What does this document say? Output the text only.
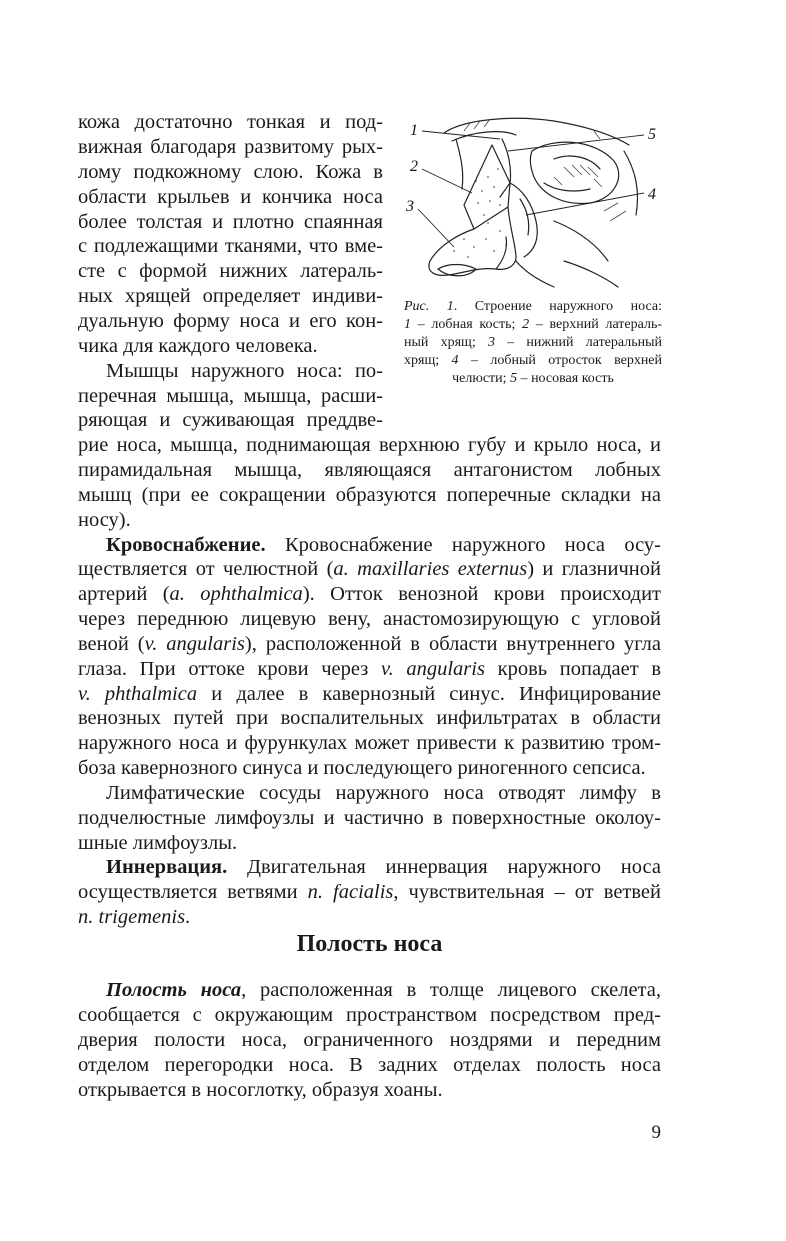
1
2
3
4
5
Рис. 1. Строение наружного носа:
1 – лобная кость; 2 – верхний латераль-
ный хрящ; 3 – нижний латеральный
хрящ; 4 – лобный отросток верхней
челюсти; 5 – носовая кость
кожа достаточно тонкая и под-
вижная благодаря развитому рых-
лому подкожному слою. Кожа в
области крыльев и кончика носа
более толстая и плотно спаянная
с подлежащими тканями, что вме-
сте с формой нижних латераль-
ных хрящей определяет индиви-
дуальную форму носа и его кон-
чика для каждого человека.
Мышцы наружного носа: по-
перечная мышца, мышца, расши-
ряющая и суживающая преддве-
рие носа, мышца, поднимающая верхнюю губу и крыло носа, и
пирамидальная мышца, являющаяся антагонистом лобных
мышц (при ее сокращении образуются поперечные складки на
носу).
Кровоснабжение. Кровоснабжение наружного носа осу-
ществляется от челюстной (a. maxillaries externus) и глазничной
артерий (a. ophthalmica). Отток венозной крови происходит
через переднюю лицевую вену, анастомозирующую с угловой
веной (v. angularis), расположенной в области внутреннего угла
глаза. При оттоке крови через v. angularis кровь попадает в
v. phthalmica и далее в кавернозный синус. Инфицирование
венозных путей при воспалительных инфильтратах в области
наружного носа и фурункулах может привести к развитию тром-
боза кавернозного синуса и последующего риногенного сепсиса.
Лимфатические сосуды наружного носа отводят лимфу в
подчелюстные лимфоузлы и частично в поверхностные околоу-
шные лимфоузлы.
Иннервация. Двигательная иннервация наружного носа
осуществляется ветвями n. facialis, чувствительная – от ветвей
n. trigemenis.
Полость носа
Полость носа, расположенная в толще лицевого скелета,
сообщается с окружающим пространством посредством пред-
дверия полости носа, ограниченного ноздрями и передним
отделом перегородки носа. В задних отделах полость носа
открывается в носоглотку, образуя хоаны.
9
